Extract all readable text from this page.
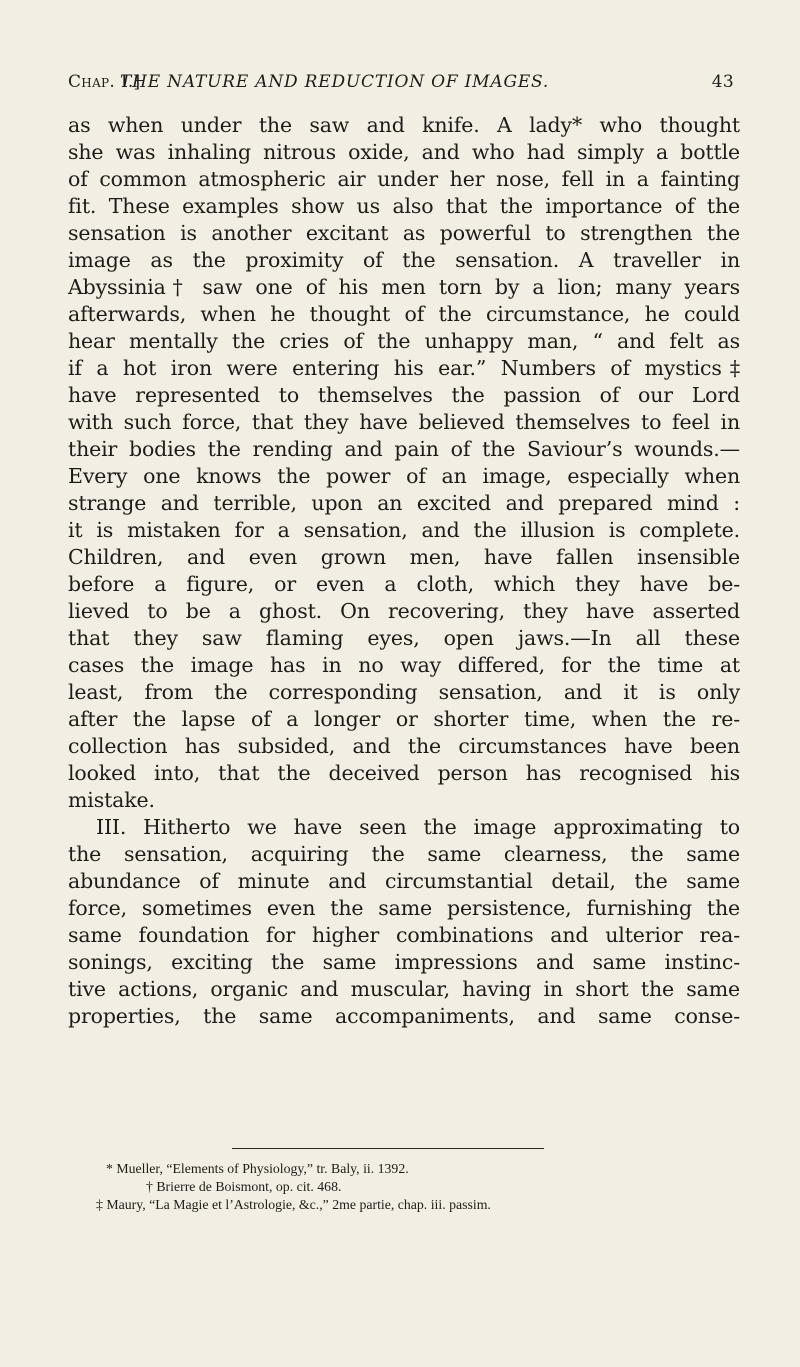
Chap. I.]
THE NATURE AND REDUCTION OF IMAGES.	43
as when under the saw and knife. A lady* who thought
she was inhaling nitrous oxide, and who had simply a bottle
of common atmospheric air under her nose, fell in a fainting
fit. These examples show us also that the importance of the
sensation is another excitant as powerful to strengthen the
image as the proximity of the sensation. A traveller in
Abyssinia† saw one of his men torn by a lion; many years
afterwards, when he thought of the circumstance, he could
hear mentally the cries of the unhappy man, “ and felt as
if a hot iron were entering his ear.” Numbers of mystics‡
have represented to themselves the passion of our Lord
with such force, that they have believed themselves to feel in
their bodies the rending and pain of the Saviour’s wounds.—
Every one knows the power of an image, especially when
strange and terrible, upon an excited and prepared mind :
it is mistaken for a sensation, and the illusion is complete.
Children, and even grown men, have fallen insensible
before a figure, or even a cloth, which they have be-
lieved to be a ghost. On recovering, they have asserted
that they saw flaming eyes, open jaws.—In all these
cases the image has in no way differed, for the time at
least, from the corresponding sensation, and it is only
after the lapse of a longer or shorter time, when the re-
collection has subsided, and the circumstances have been
looked into, that the deceived person has recognised his
mistake.
III. Hitherto we have seen the image approximating to
the sensation, acquiring the same clearness, the same
abundance of minute and circumstantial detail, the same
force, sometimes even the same persistence, furnishing the
same foundation for higher combinations and ulterior rea-
sonings, exciting the same impressions and same instinc-
tive actions, organic and muscular, having in short the same
properties, the same accompaniments, and same conse-
* Mueller, “Elements of Physiology,” tr. Baly, ii. 1392.
† Brierre de Boismont, op. cit. 468.
‡ Maury, “La Magie et l’Astrologie, &c.,” 2me partie, chap. iii. passim.
